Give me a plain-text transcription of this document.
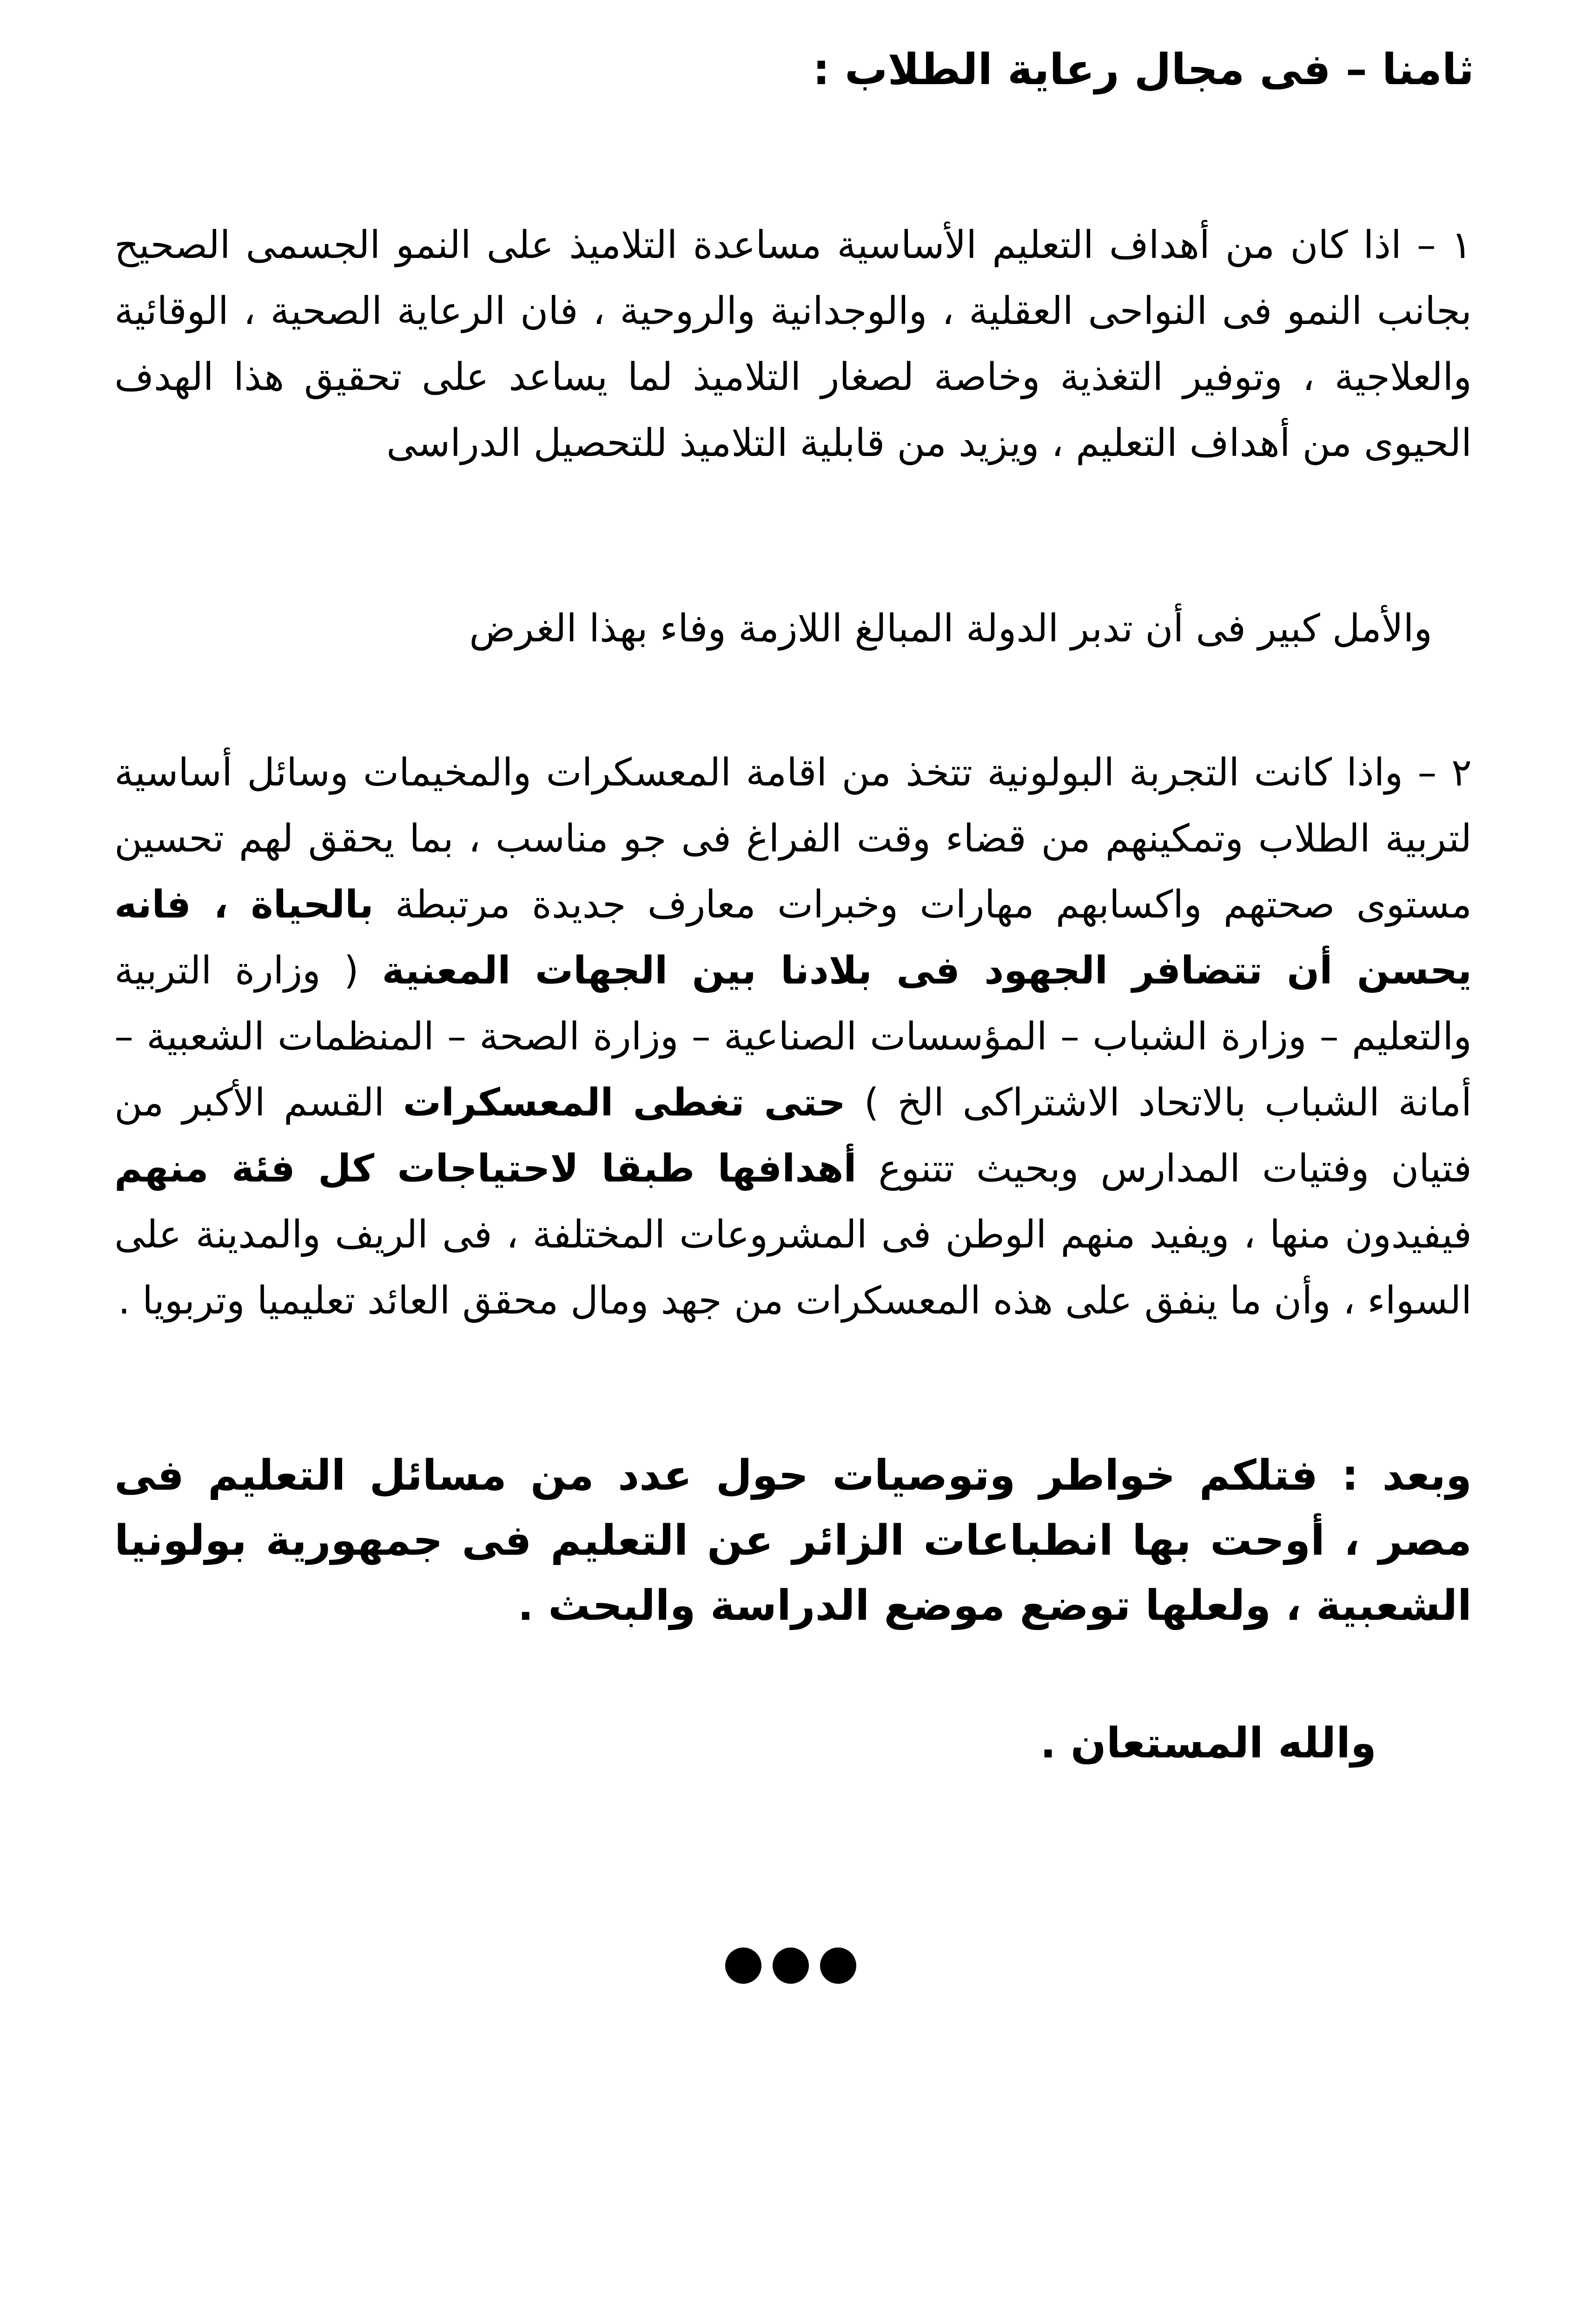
ثامنا – فى مجال رعاية الطلاب :

١ – اذا كان من أهداف التعليم الأساسية مساعدة التلاميذ على النمو الجسمى الصحيح بجانب النمو فى النواحى العقلية ، والوجدانية والروحية ، فان الرعاية الصحية ، الوقائية والعلاجية ، وتوفير التغذية وخاصة لصغار التلاميذ لما يساعد على تحقيق هذا الهدف الحيوى من أهداف التعليم ، ويزيد من قابلية التلاميذ للتحصيل الدراسى

والأمل كبير فى أن تدبر الدولة المبالغ اللازمة وفاء بهذا الغرض

٢ – واذا كانت التجربة البولونية تتخذ من اقامة المعسكرات والمخيمات وسائل أساسية لتربية الطلاب وتمكينهم من قضاء وقت الفراغ فى جو مناسب ، بما يحقق لهم تحسين مستوى صحتهم واكسابهم مهارات وخبرات معارف جديدة مرتبطة بالحياة ، فانه يحسن أن تتضافر الجهود فى بلادنا بين الجهات المعنية ( وزارة التربية والتعليم – وزارة الشباب – المؤسسات الصناعية – وزارة الصحة – المنظمات الشعبية – أمانة الشباب بالاتحاد الاشتراكى الخ ) حتى تغطى المعسكرات القسم الأكبر من فتيان وفتيات المدارس وبحيث تتنوع أهدافها طبقا لاحتياجات كل فئة منهم فيفيدون منها ، ويفيد منهم الوطن فى المشروعات المختلفة ، فى الريف والمدينة على السواء ، وأن ما ينفق على هذه المعسكرات من جهد ومال محقق العائد تعليميا وتربويا .

وبعد : فتلكم خواطر وتوصيات حول عدد من مسائل التعليم فى مصر ، أوحت بها انطباعات الزائر عن التعليم فى جمهورية بولونيا الشعبية ، ولعلها توضع موضع الدراسة والبحث .

والله المستعان .
